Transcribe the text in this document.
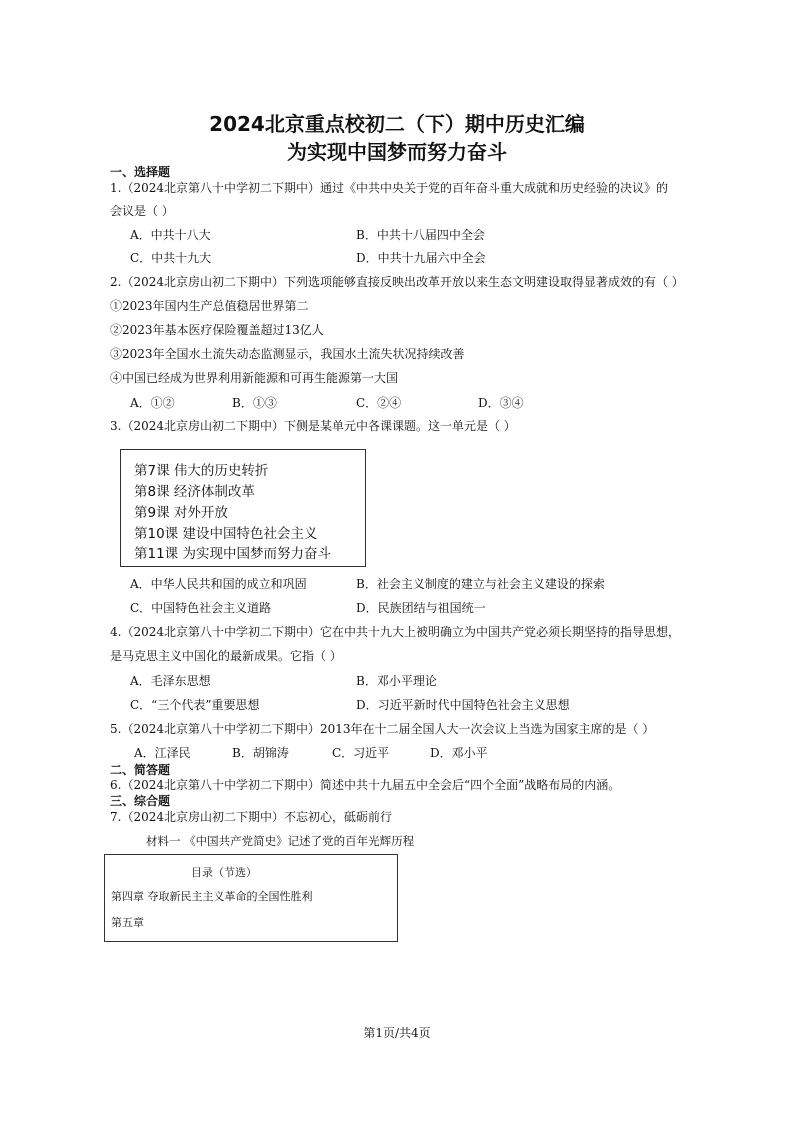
2024北京重点校初二（下）期中历史汇编
为实现中国梦而努力奋斗
一、选择题
1.（2024北京第八十中学初二下期中）通过《中共中央关于党的百年奋斗重大成就和历史经验的决议》的
会议是（ ）
A．中共十八大	B．中共十八届四中全会
C．中共十九大	D．中共十九届六中全会
2.（2024北京房山初二下期中）下列选项能够直接反映出改革开放以来生态文明建设取得显著成效的有（ ）
①2023年国内生产总值稳居世界第二
②2023年基本医疗保险覆盖超过13亿人
③2023年全国水土流失动态监测显示，我国水土流失状况持续改善
④中国已经成为世界利用新能源和可再生能源第一大国
A．①②	B．①③	C．②④	D．③④
3.（2024北京房山初二下期中）下侧是某单元中各课课题。这一单元是（ ）
第7课 伟大的历史转折
第8课 经济体制改革
第9课 对外开放
第10课 建设中国特色社会主义
第11课 为实现中国梦而努力奋斗
A．中华人民共和国的成立和巩固	B．社会主义制度的建立与社会主义建设的探索
C．中国特色社会主义道路	D．民族团结与祖国统一
4.（2024北京第八十中学初二下期中）它在中共十九大上被明确立为中国共产党必须长期坚持的指导思想，
是马克思主义中国化的最新成果。它指（ ）
A．毛泽东思想	B．邓小平理论
C．“三个代表”重要思想	D．习近平新时代中国特色社会主义思想
5.（2024北京第八十中学初二下期中）2013年在十二届全国人大一次会议上当选为国家主席的是（ ）
A．江泽民	B．胡锦涛	C．习近平	D．邓小平
二、简答题
6.（2024北京第八十中学初二下期中）简述中共十九届五中全会后“四个全面”战略布局的内涵。
三、综合题
7.（2024北京房山初二下期中）不忘初心，砥砺前行
材料一 《中国共产党简史》记述了党的百年光辉历程
目录（节选）
第四章 夺取新民主主义革命的全国性胜利
第五章
第1页/共4页
